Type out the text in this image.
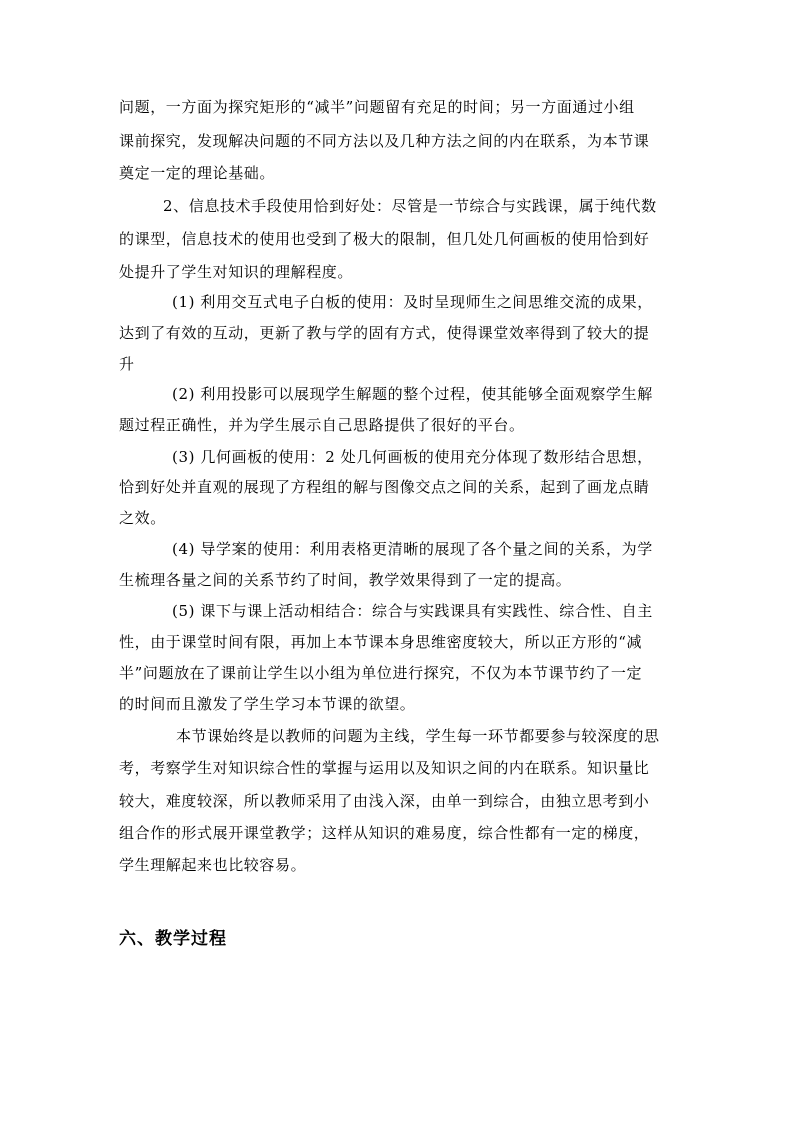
问题，一方面为探究矩形的“减半”问题留有充足的时间；另一方面通过小组
课前探究，发现解决问题的不同方法以及几种方法之间的内在联系，为本节课
奠定一定的理论基础。
2、信息技术手段使用恰到好处：尽管是一节综合与实践课，属于纯代数
的课型，信息技术的使用也受到了极大的限制，但几处几何画板的使用恰到好
处提升了学生对知识的理解程度。
(1) 利用交互式电子白板的使用：及时呈现师生之间思维交流的成果，
达到了有效的互动，更新了教与学的固有方式，使得课堂效率得到了较大的提
升
(2) 利用投影可以展现学生解题的整个过程，使其能够全面观察学生解
题过程正确性，并为学生展示自己思路提供了很好的平台。
(3) 几何画板的使用：2 处几何画板的使用充分体现了数形结合思想，
恰到好处并直观的展现了方程组的解与图像交点之间的关系，起到了画龙点睛
之效。
(4) 导学案的使用：利用表格更清晰的展现了各个量之间的关系，为学
生梳理各量之间的关系节约了时间，教学效果得到了一定的提高。
(5) 课下与课上活动相结合：综合与实践课具有实践性、综合性、自主
性，由于课堂时间有限，再加上本节课本身思维密度较大，所以正方形的“减
半”问题放在了课前让学生以小组为单位进行探究，不仅为本节课节约了一定
的时间而且激发了学生学习本节课的欲望。
本节课始终是以教师的问题为主线，学生每一环节都要参与较深度的思
考，考察学生对知识综合性的掌握与运用以及知识之间的内在联系。知识量比
较大，难度较深，所以教师采用了由浅入深，由单一到综合，由独立思考到小
组合作的形式展开课堂教学；这样从知识的难易度，综合性都有一定的梯度，
学生理解起来也比较容易。
六、教学过程
